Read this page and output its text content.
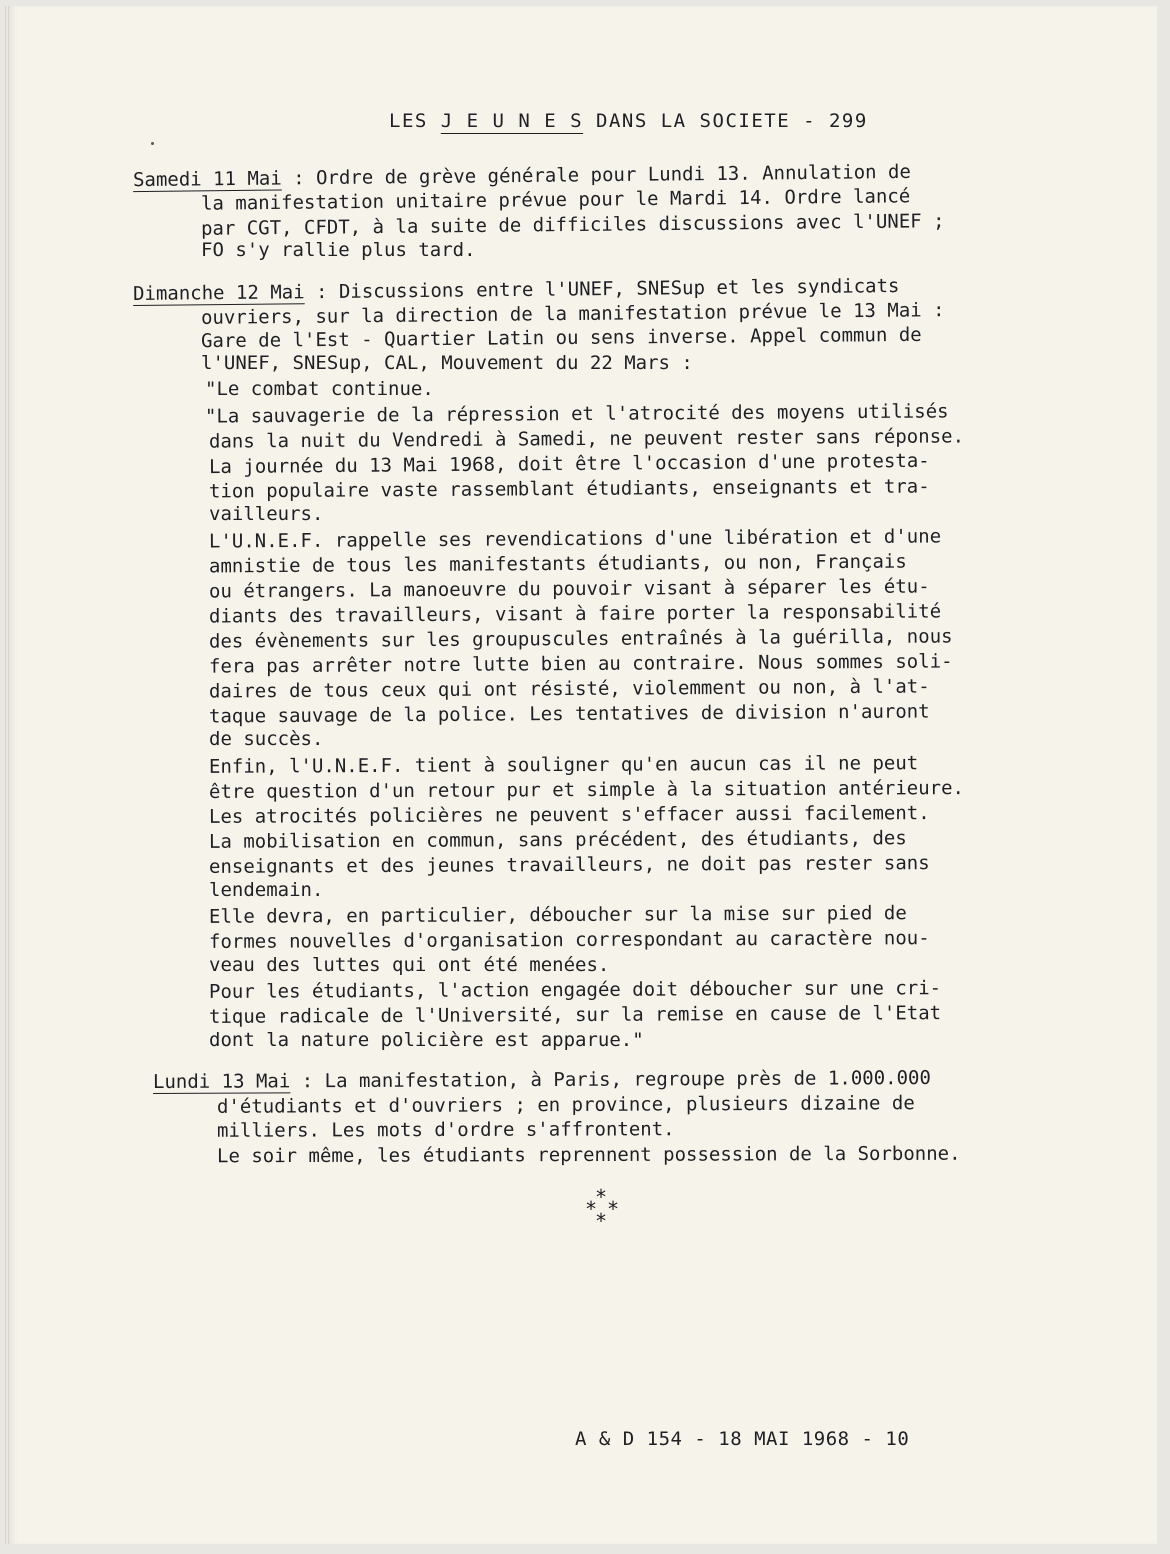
LES J E U N E S DANS LA SOCIETE - 299
Samedi 11 Mai : Ordre de grève générale pour Lundi 13. Annulation de
la manifestation unitaire prévue pour le Mardi 14. Ordre lancé
par CGT, CFDT, à la suite de difficiles discussions avec l'UNEF ;
FO s'y rallie plus tard.
Dimanche 12 Mai : Discussions entre l'UNEF, SNESup et les syndicats
ouvriers, sur la direction de la manifestation prévue le 13 Mai :
Gare de l'Est - Quartier Latin ou sens inverse. Appel commun de
l'UNEF, SNESup, CAL, Mouvement du 22 Mars :
"Le combat continue.
"La sauvagerie de la répression et l'atrocité des moyens utilisés
dans la nuit du Vendredi à Samedi, ne peuvent rester sans réponse.
La journée du 13 Mai 1968, doit être l'occasion d'une protesta-
tion populaire vaste rassemblant étudiants, enseignants et tra-
vailleurs.
L'U.N.E.F. rappelle ses revendications d'une libération et d'une
amnistie de tous les manifestants étudiants, ou non, Français
ou étrangers. La manoeuvre du pouvoir visant à séparer les étu-
diants des travailleurs, visant à faire porter la responsabilité
des évènements sur les groupuscules entraînés à la guérilla, nous
fera pas arrêter notre lutte bien au contraire. Nous sommes soli-
daires de tous ceux qui ont résisté, violemment ou non, à l'at-
taque sauvage de la police. Les tentatives de division n'auront
de succès.
Enfin, l'U.N.E.F. tient à souligner qu'en aucun cas il ne peut
être question d'un retour pur et simple à la situation antérieure.
Les atrocités policières ne peuvent s'effacer aussi facilement.
La mobilisation en commun, sans précédent, des étudiants, des
enseignants et des jeunes travailleurs, ne doit pas rester sans
lendemain.
Elle devra, en particulier, déboucher sur la mise sur pied de
formes nouvelles d'organisation correspondant au caractère nou-
veau des luttes qui ont été menées.
Pour les étudiants, l'action engagée doit déboucher sur une cri-
tique radicale de l'Université, sur la remise en cause de l'Etat
dont la nature policière est apparue."
Lundi 13 Mai : La manifestation, à Paris, regroupe près de 1.000.000
d'étudiants et d'ouvriers ; en province, plusieurs dizaine de
milliers. Les mots d'ordre s'affrontent.
Le soir même, les étudiants reprennent possession de la Sorbonne.
*
* *
*
A & D 154 - 18 MAI 1968 - 10
